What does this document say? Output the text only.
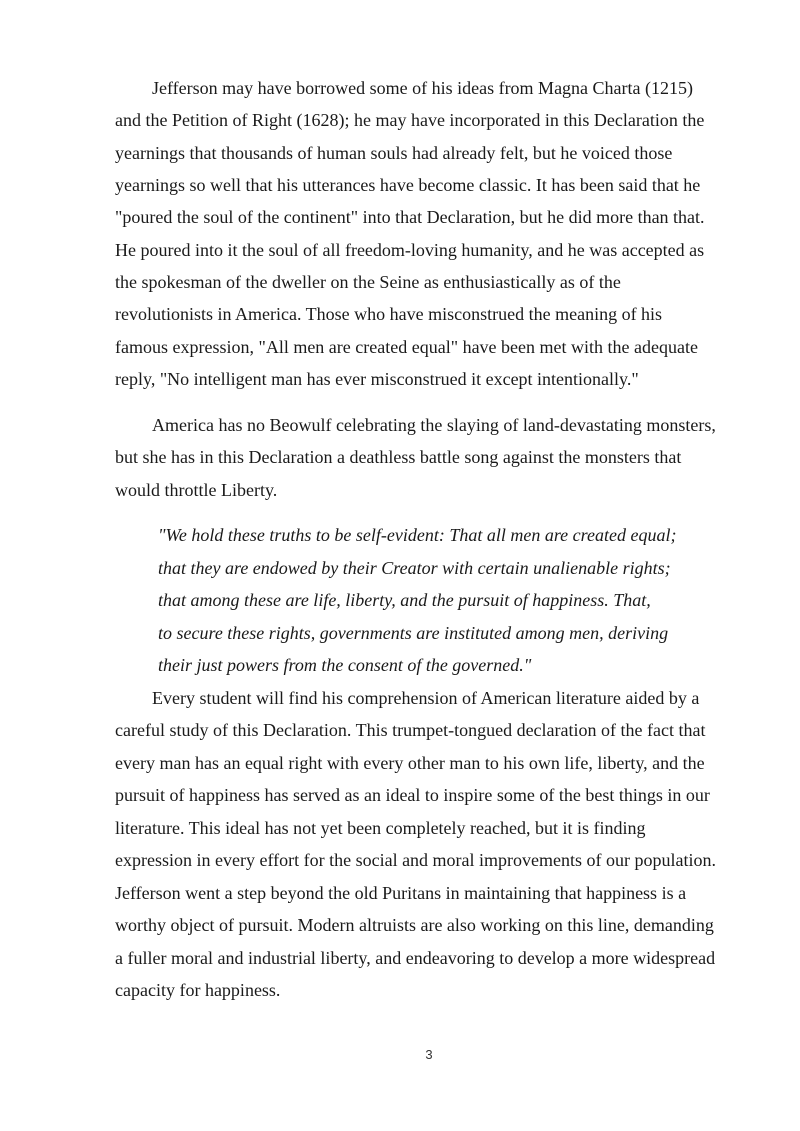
Jefferson may have borrowed some of his ideas from Magna Charta (1215)
and the Petition of Right (1628); he may have incorporated in this Declaration the
yearnings that thousands of human souls had already felt, but he voiced those
yearnings so well that his utterances have become classic. It has been said that he
"poured the soul of the continent" into that Declaration, but he did more than that.
He poured into it the soul of all freedom-loving humanity, and he was accepted as
the spokesman of the dweller on the Seine as enthusiastically as of the
revolutionists in America. Those who have misconstrued the meaning of his
famous expression, "All men are created equal" have been met with the adequate
reply, "No intelligent man has ever misconstrued it except intentionally."
America has no Beowulf celebrating the slaying of land-devastating monsters,
but she has in this Declaration a deathless battle song against the monsters that
would throttle Liberty.
"We hold these truths to be self-evident: That all men are created equal;
that they are endowed by their Creator with certain unalienable rights;
that among these are life, liberty, and the pursuit of happiness. That,
to secure these rights, governments are instituted among men, deriving
their just powers from the consent of the governed."
Every student will find his comprehension of American literature aided by a
careful study of this Declaration. This trumpet-tongued declaration of the fact that
every man has an equal right with every other man to his own life, liberty, and the
pursuit of happiness has served as an ideal to inspire some of the best things in our
literature. This ideal has not yet been completely reached, but it is finding
expression in every effort for the social and moral improvements of our population.
Jefferson went a step beyond the old Puritans in maintaining that happiness is a
worthy object of pursuit. Modern altruists are also working on this line, demanding
a fuller moral and industrial liberty, and endeavoring to develop a more widespread
capacity for happiness.
3
